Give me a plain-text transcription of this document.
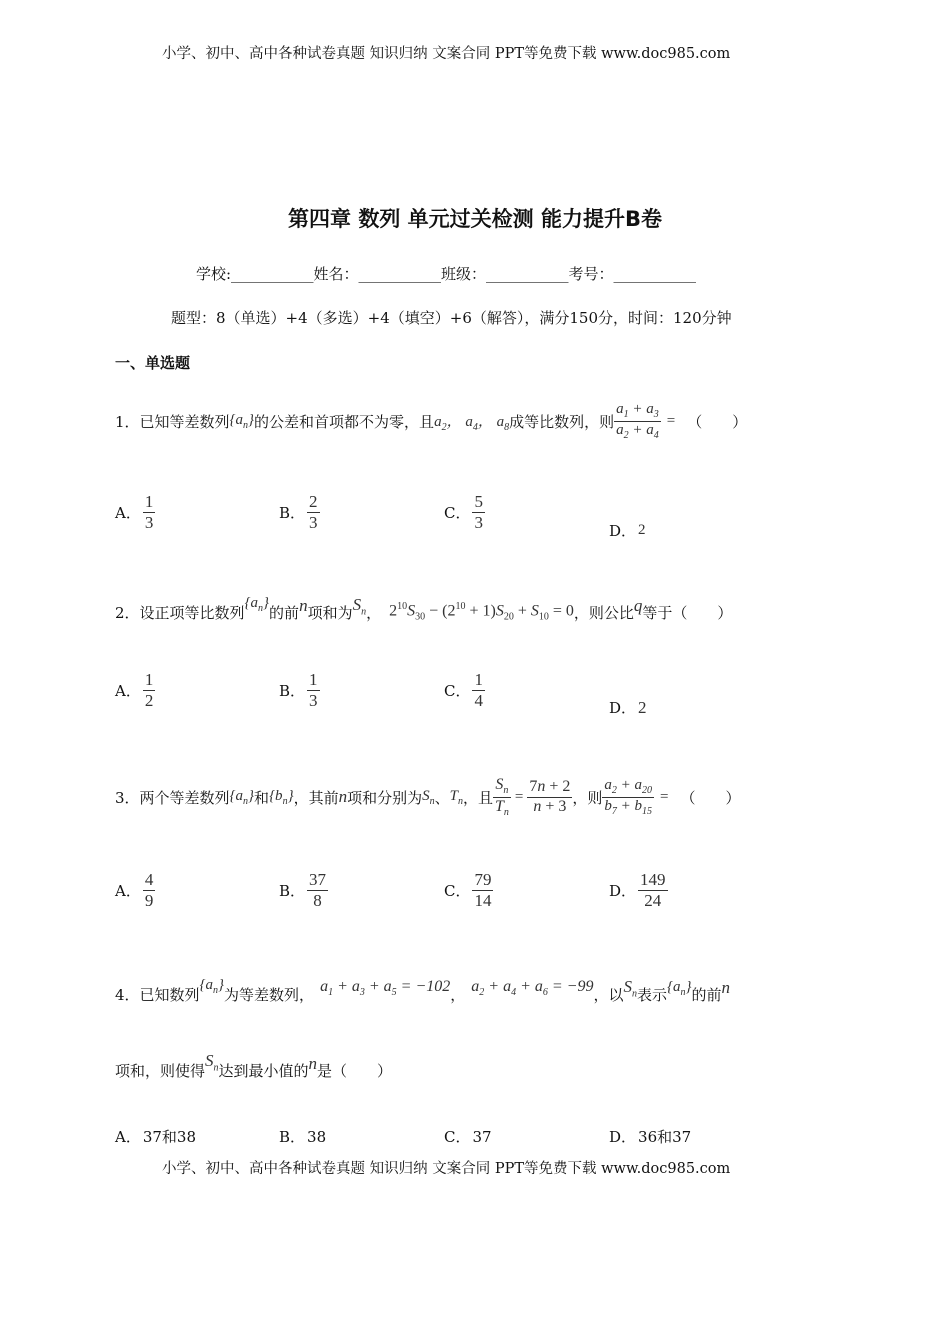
小学、初中、高中各种试卷真题 知识归纳 文案合同 PPT等免费下载 www.doc985.com
第四章 数列 单元过关检测 能力提升B卷
学校:___________姓名：___________班级：___________考号：___________
题型：8（单选）+4（多选）+4（填空）+6（解答），满分150分，时间：120分钟
一、单选题
1．已知等差数列 $\{a_n\}$ 的公差和首项都不为零，且 $a_2$， $a_4$， $a_8$ 成等比数列，则 $\frac{a_1 + a_3}{a_2 + a_4}$ = （　　）
A． $\frac{1}{3}$	B． $\frac{2}{3}$	C． $\frac{5}{3}$	D． 2
2．设正项等比数列
$\{a_n\}$
的前 n 项和为 $S_n$ ， $2^{10}S_{30} - (2^{10} + 1)S_{20} + S_{10} = 0$ ，则公比 q 等于（　　）
A． $\frac{1}{2}$	B． $\frac{1}{3}$	C． $\frac{1}{4}$	D． 2
3．两个等差数列 $\{a_n\}$ 和 $\{b_n\}$ ，其前 n 项和分别为 $S_n$ 、 $T_n$ ，且 $\frac{S_n}{T_n} = \frac{7n + 2}{n + 3}$ ，则 $\frac{a_2 + a_{20}}{b_7 + b_{15}}$ = （　　）
A． $\frac{4}{9}$	B． $\frac{37}{8}$	C． $\frac{79}{14}$	D． $\frac{149}{24}$
4．已知数列
$\{a_n\}$
为等差数列， $a_1 + a_3 + a_5 = -102$ ， $a_2 + a_4 + a_6 = -99$ ，以 $S_n$ 表示 $\{a_n\}$ 的前 n
项和，则使得
$S_n$ 达到最小值的 n 是（　　）
A． 37和38	B． 38	C． 37	D． 36和37
小学、初中、高中各种试卷真题 知识归纳 文案合同 PPT等免费下载 www.doc985.com
